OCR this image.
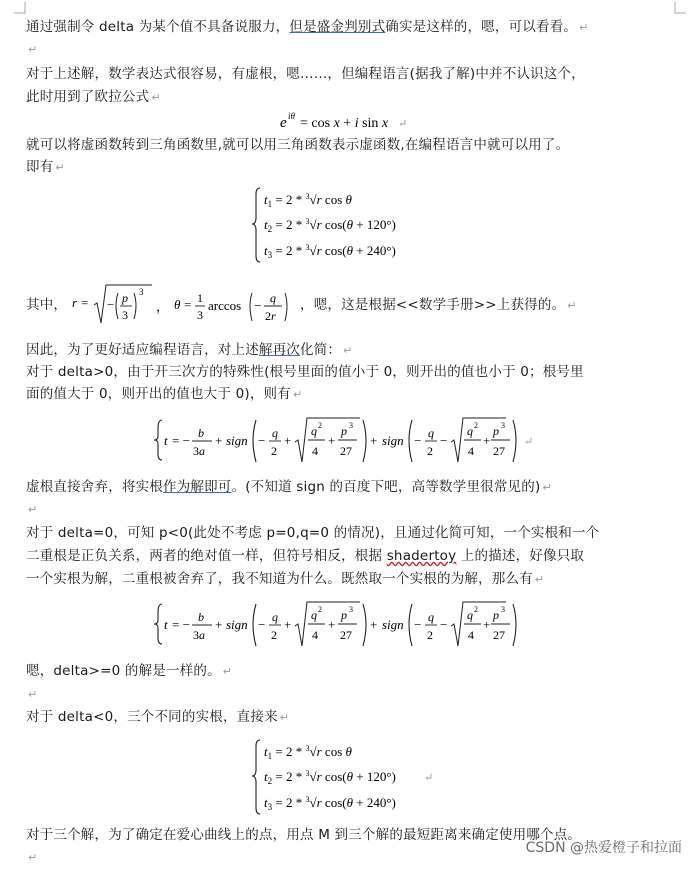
通过强制令 delta 为某个值不具备说服力，但是盛金判别式确实是这样的，嗯，可以看看。 ↵
↵
对于上述解，数学表达式很容易，有虚根，嗯……，但编程语言(据我了解)中并不认识这个，
此时用到了欧拉公式 ↵
e iθ = cos x + i sin x ↵
就可以将虚函数转到三角函数里,就可以用三角函数表示虚函数,在编程语言中就可以用了。
即有 ↵
$t_1 = 2 * ^3√r$ cos θ
$t_2 = 2 * ^3√r$ cos(θ + 120°)
$t_3 = 2 * ^3√r$ cos(θ + 240°)
其中， r = − p
3
3
， θ = 1
3
arccos − q
2r
，嗯，这是根据<<数学手册>>上获得的。 ↵
因此，为了更好适应编程语言，对上述解再次化简： ↵
对于 delta>0，由于开三次方的特殊性(根号里面的值小于 0，则开出的值也小于 0；根号里
面的值大于 0，则开出的值也大于 0)，则有 ↵
t = − b
3a
+ sign − q
2
+
q 2
4
+
p 3
27
+ sign − q
2
−
q 2
4
+
p 3
27
↵
虚根直接舍弃，将实根作为解即可。(不知道 sign 的百度下吧，高等数学里很常见的) ↵
↵
对于 delta=0，可知 p<0(此处不考虑 p=0,q=0 的情况)，且通过化简可知，一个实根和一个
二重根是正负关系，两者的绝对值一样，但符号相反，根据 shadertoy 上的描述，好像只取
一个实根为解，二重根被舍弃了，我不知道为什么。既然取一个实根的为解，那么有 ↵
t = − b
3a
+ sign − q
2
+
q 2
4
+
p 3
27
+ sign − q
2
−
q 2
4
+
p 3
27
嗯，delta>=0 的解是一样的。 ↵
↵
对于 delta<0，三个不同的实根，直接来 ↵
$t_1 = 2 * ^3√r$ cos θ
$t_2 = 2 * ^3√r$ cos(θ + 120°)	↵
$t_3 = 2 * ^3√r$ cos(θ + 240°)
对于三个解，为了确定在爱心曲线上的点，用点 M 到三个解的最短距离来确定使用哪个点。
↵
CSDN @热爱橙子和拉面
